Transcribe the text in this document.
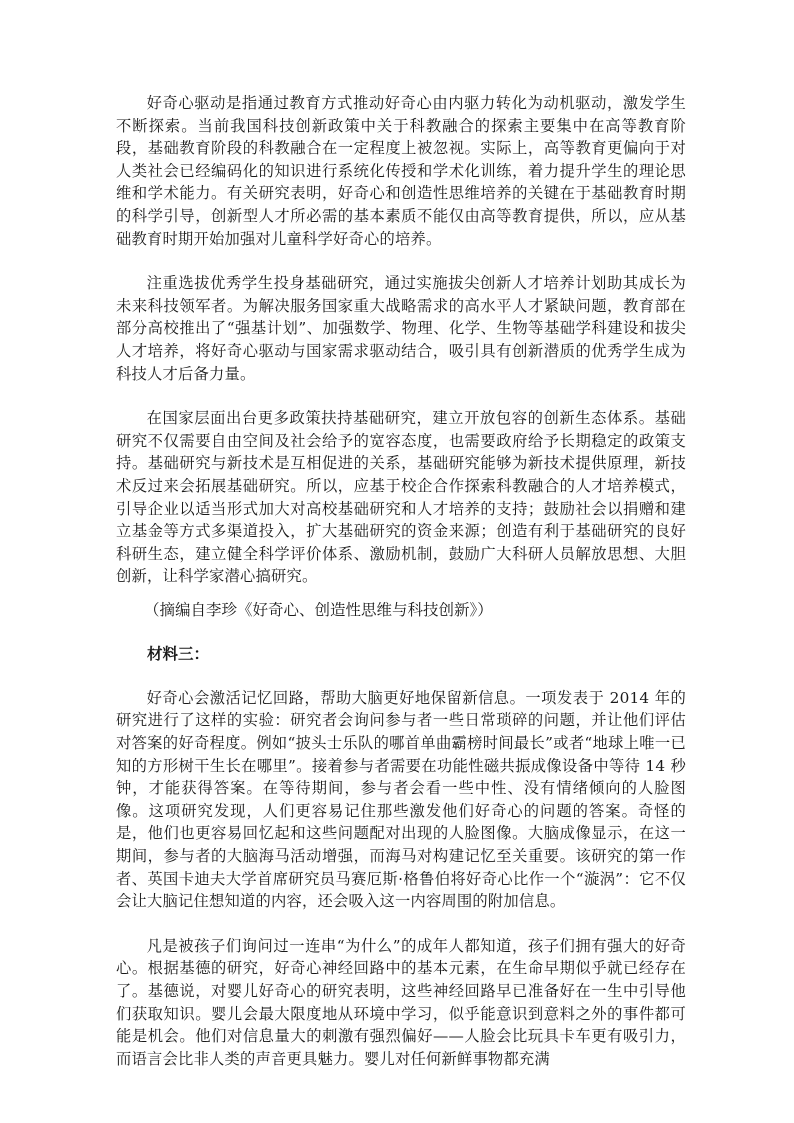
好奇心驱动是指通过教育方式推动好奇心由内驱力转化为动机驱动，激发学生不断探索。当前我国科技创新政策中关于科教融合的探索主要集中在高等教育阶段，基础教育阶段的科教融合在一定程度上被忽视。实际上，高等教育更偏向于对人类社会已经编码化的知识进行系统化传授和学术化训练，着力提升学生的理论思维和学术能力。有关研究表明，好奇心和创造性思维培养的关键在于基础教育时期的科学引导，创新型人才所必需的基本素质不能仅由高等教育提供，所以，应从基础教育时期开始加强对儿童科学好奇心的培养。

注重选拔优秀学生投身基础研究，通过实施拔尖创新人才培养计划助其成长为未来科技领军者。为解决服务国家重大战略需求的高水平人才紧缺问题，教育部在部分高校推出了“强基计划”、加强数学、物理、化学、生物等基础学科建设和拔尖人才培养，将好奇心驱动与国家需求驱动结合，吸引具有创新潜质的优秀学生成为科技人才后备力量。

在国家层面出台更多政策扶持基础研究，建立开放包容的创新生态体系。基础研究不仅需要自由空间及社会给予的宽容态度，也需要政府给予长期稳定的政策支持。基础研究与新技术是互相促进的关系，基础研究能够为新技术提供原理，新技术反过来会拓展基础研究。所以，应基于校企合作探索科教融合的人才培养模式，引导企业以适当形式加大对高校基础研究和人才培养的支持；鼓励社会以捐赠和建立基金等方式多渠道投入，扩大基础研究的资金来源；创造有利于基础研究的良好科研生态，建立健全科学评价体系、激励机制，鼓励广大科研人员解放思想、大胆创新，让科学家潜心搞研究。

（摘编自李珍《好奇心、创造性思维与科技创新》）

材料三：

好奇心会激活记忆回路，帮助大脑更好地保留新信息。一项发表于 2014 年的研究进行了这样的实验：研究者会询问参与者一些日常琐碎的问题，并让他们评估对答案的好奇程度。例如“披头士乐队的哪首单曲霸榜时间最长”或者“地球上唯一已知的方形树干生长在哪里”。接着参与者需要在功能性磁共振成像设备中等待 14 秒钟，才能获得答案。在等待期间，参与者会看一些中性、没有情绪倾向的人脸图像。这项研究发现，人们更容易记住那些激发他们好奇心的问题的答案。奇怪的是，他们也更容易回忆起和这些问题配对出现的人脸图像。大脑成像显示，在这一期间，参与者的大脑海马活动增强，而海马对构建记忆至关重要。该研究的第一作者、英国卡迪夫大学首席研究员马赛厄斯·格鲁伯将好奇心比作一个“漩涡”：它不仅会让大脑记住想知道的内容，还会吸入这一内容周围的附加信息。

凡是被孩子们询问过一连串“为什么”的成年人都知道，孩子们拥有强大的好奇心。根据基德的研究，好奇心神经回路中的基本元素，在生命早期似乎就已经存在了。基德说，对婴儿好奇心的研究表明，这些神经回路早已准备好在一生中引导他们获取知识。婴儿会最大限度地从环境中学习，似乎能意识到意料之外的事件都可能是机会。他们对信息量大的刺激有强烈偏好——人脸会比玩具卡车更有吸引力，而语言会比非人类的声音更具魅力。婴儿对任何新鲜事物都充满
